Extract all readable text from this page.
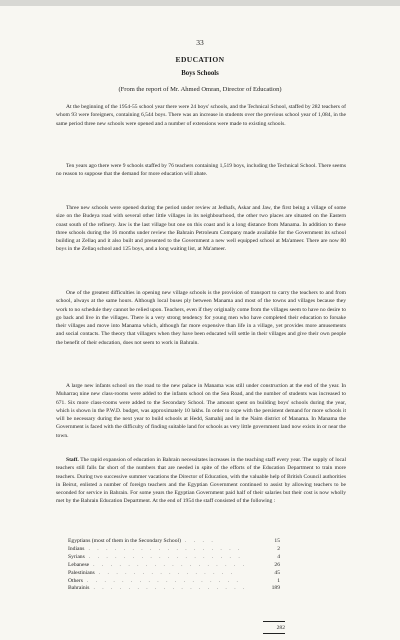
33
EDUCATION
Boys Schools
(From the report of Mr. Ahmed Omran, Director of Education)

At the beginning of the 1954-55 school year there were 24 boys' schools, and the Technical School, staffed by 282 teachers of whom 93 were foreigners, containing 6,544 boys. There was an increase in students over the previous school year of 1,084, in the same period three new schools were opened and a number of extensions were made to existing schools.

Ten years ago there were 9 schools staffed by 76 teachers containing 1,519 boys, including the Technical School. There seems no reason to suppose that the demand for more education will abate.

Three new schools were opened during the period under review at Jedhafs, Askar and Jaw, the first being a village of some size on the Budeya road with several other little villages in its neighbourhood, the other two places are situated on the Eastern coast south of the refinery. Jaw is the last village but one on this coast and is a long distance from Manama. In addition to these three schools during the 16 months under review the Bahrain Petroleum Company made available for the Government its school building at Zellaq and it also built and presented to the Government a new well equipped school at Ma'ameer. There are now 80 boys in the Zellaq school and 125 boys, and a long waiting list, at Ma'ameer.

One of the greatest difficulties in opening new village schools is the provision of transport to carry the teachers to and from school, always at the same hours. Although local buses ply between Manama and most of the towns and villages because they work to no schedule they cannot be relied upon. Teachers, even if they originally come from the villages seem to have no desire to go back and live in the villages. There is a very strong tendency for young men who have completed their education to forsake their villages and move into Manama which, although far more expensive than life in a village, yet provides more amusements and social contacts. The theory that villagers when they have been educated will settle in their villages and give their own people the benefit of their education, does not seem to work in Bahrain.

A large new infants school on the road to the new palace in Manama was still under construction at the end of the year. In Muharraq nine new class-rooms were added to the infants school on the Sea Road, and the number of students was increased to 671. Six more class-rooms were added to the Secondary School. The amount spent on building boys' schools during the year, which is shown in the P.W.D. budget, was approximately 10 lakhs. In order to cope with the persistent demand for more schools it will be necessary during the next year to build schools at Hedd, Samahij and in the Naim district of Manama. In Manama the Government is faced with the difficulty of finding suitable land for schools as very little government land now exists in or near the town.

Staff. The rapid expansion of education in Bahrain necessitates increases in the teaching staff every year. The supply of local teachers still falls far short of the numbers that are needed in spite of the efforts of the Education Department to train more teachers. During two successive summer vacations the Director of Education, with the valuable help of British Council authorities in Beirut, enlisted a number of foreign teachers and the Egyptian Government continued to assist by allowing teachers to be seconded for service in Bahrain. For some years the Egyptian Government paid half of their salaries but their cost is now wholly met by the Bahrain Education Department. At the end of 1954 the staff consisted of the following :

Egyptians (most of them in the Secondary School) . . . .	15
Indians . . . . . . . . . . . . . . . . . .	2
Syrians . . . . . . . . . . . . . . . . . .	4
Lebanese . . . . . . . . . . . . . . . . . .	26
Palestinians . . . . . . . . . . . . . . . .	45
Others . . . . . . . . . . . . . . . . . .	1
Bahrainis . . . . . . . . . . . . . . . . . .	189
282
